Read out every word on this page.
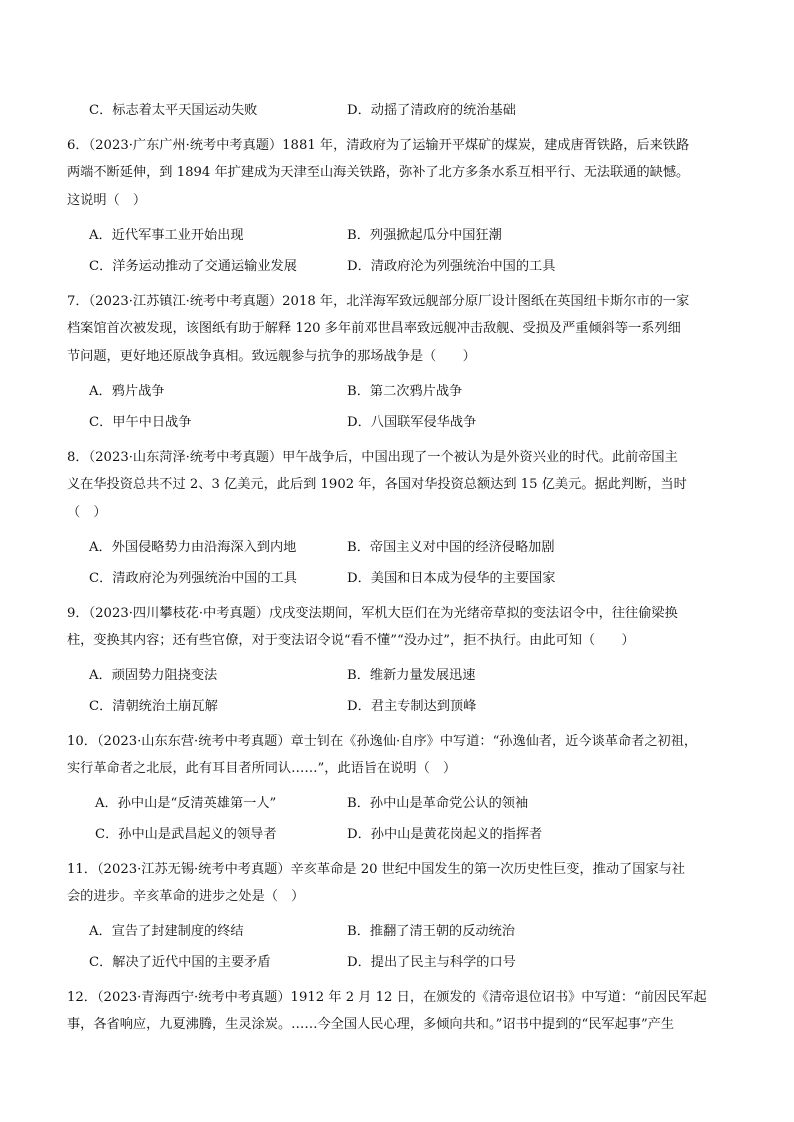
C．标志着太平天国运动失败	D．动摇了清政府的统治基础
6．（2023·广东广州·统考中考真题）1881 年，清政府为了运输开平煤矿的煤炭，建成唐胥铁路，后来铁路
两端不断延伸，到 1894 年扩建成为天津至山海关铁路，弥补了北方多条水系互相平行、无法联通的缺憾。
这说明（　）
A．近代军事工业开始出现	B．列强掀起瓜分中国狂潮
C．洋务运动推动了交通运输业发展	D．清政府沦为列强统治中国的工具
7．（2023·江苏镇江·统考中考真题）2018 年，北洋海军致远舰部分原厂设计图纸在英国纽卡斯尔市的一家
档案馆首次被发现，该图纸有助于解释 120 多年前邓世昌率致远舰冲击敌舰、受损及严重倾斜等一系列细
节问题，更好地还原战争真相。致远舰参与抗争的那场战争是（　　）
A．鸦片战争	B．第二次鸦片战争
C．甲午中日战争	D．八国联军侵华战争
8．（2023·山东菏泽·统考中考真题）甲午战争后，中国出现了一个被认为是外资兴业的时代。此前帝国主
义在华投资总共不过 2、3 亿美元，此后到 1902 年，各国对华投资总额达到 15 亿美元。据此判断，当时
（　）
A．外国侵略势力由沿海深入到内地	B．帝国主义对中国的经济侵略加剧
C．清政府沦为列强统治中国的工具	D．美国和日本成为侵华的主要国家
9．（2023·四川攀枝花·中考真题）戊戌变法期间，军机大臣们在为光绪帝草拟的变法诏令中，往往偷梁换
柱，变换其内容；还有些官僚，对于变法诏令说“看不懂”“没办过”，拒不执行。由此可知（　　）
A．顽固势力阻挠变法	B．维新力量发展迅速
C．清朝统治土崩瓦解	D．君主专制达到顶峰
10．（2023·山东东营·统考中考真题）章士钊在《孙逸仙·自序》中写道：“孙逸仙者，近今谈革命者之初祖，
实行革命者之北辰，此有耳目者所同认……”，此语旨在说明（　）
A．孙中山是“反清英雄第一人”	B．孙中山是革命党公认的领袖
C．孙中山是武昌起义的领导者	D．孙中山是黄花岗起义的指挥者
11．（2023·江苏无锡·统考中考真题）辛亥革命是 20 世纪中国发生的第一次历史性巨变，推动了国家与社
会的进步。辛亥革命的进步之处是（　）
A．宣告了封建制度的终结	B．推翻了清王朝的反动统治
C．解决了近代中国的主要矛盾	D．提出了民主与科学的口号
12．（2023·青海西宁·统考中考真题）1912 年 2 月 12 日，在颁发的《清帝退位诏书》中写道：“前因民军起
事，各省响应，九夏沸腾，生灵涂炭。……今全国人民心理，多倾向共和。”诏书中提到的“民军起事”产生
